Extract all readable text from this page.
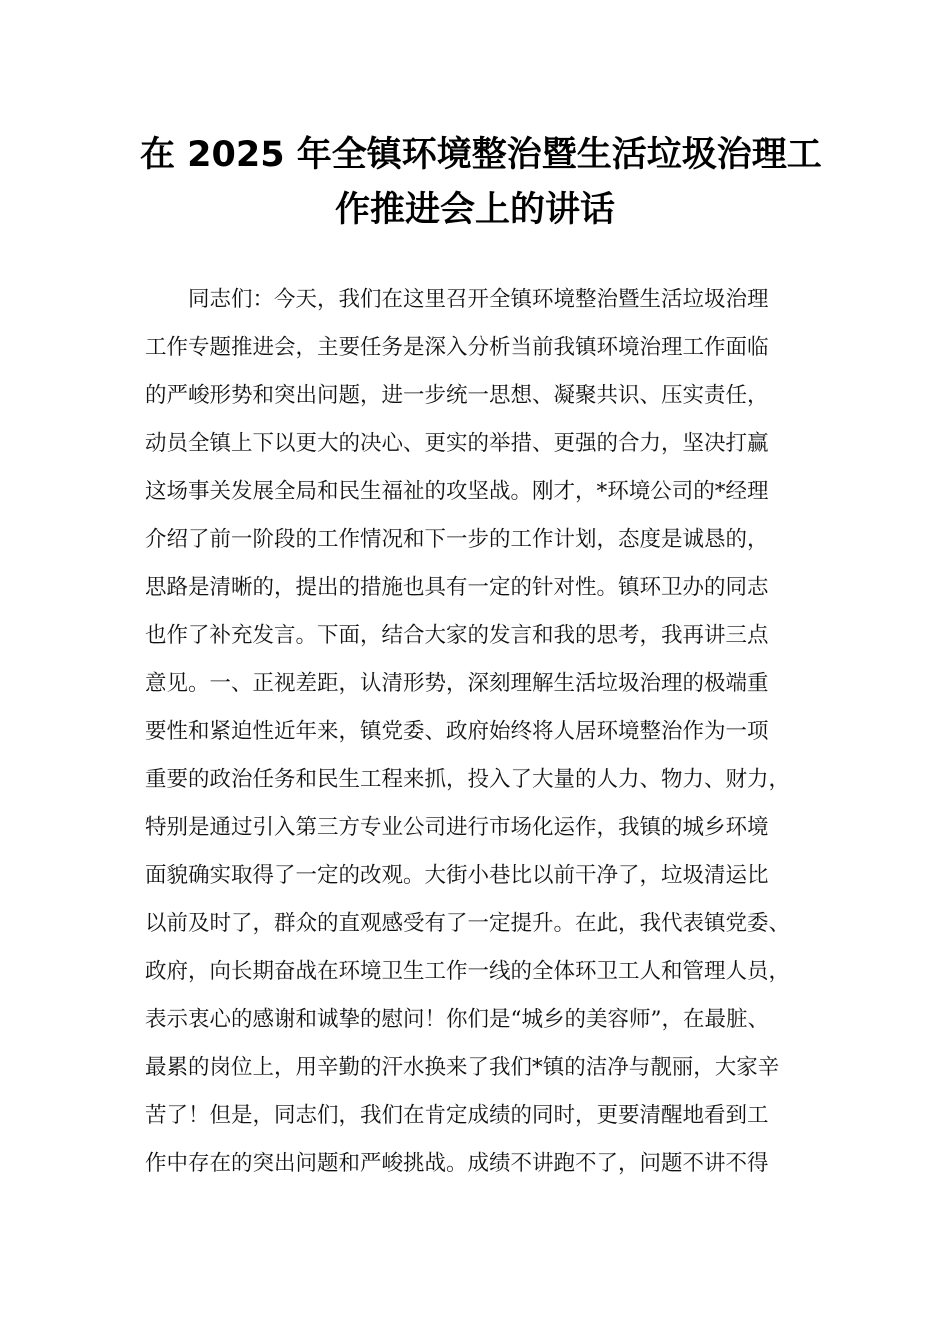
在 2025 年全镇环境整治暨生活垃圾治理工
作推进会上的讲话
同志们：今天，我们在这里召开全镇环境整治暨生活垃圾治理
工作专题推进会，主要任务是深入分析当前我镇环境治理工作面临
的严峻形势和突出问题，进一步统一思想、凝聚共识、压实责任，
动员全镇上下以更大的决心、更实的举措、更强的合力，坚决打赢
这场事关发展全局和民生福祉的攻坚战。刚才，*环境公司的*经理
介绍了前一阶段的工作情况和下一步的工作计划，态度是诚恳的，
思路是清晰的，提出的措施也具有一定的针对性。镇环卫办的同志
也作了补充发言。下面，结合大家的发言和我的思考，我再讲三点
意见。一、正视差距，认清形势，深刻理解生活垃圾治理的极端重
要性和紧迫性近年来，镇党委、政府始终将人居环境整治作为一项
重要的政治任务和民生工程来抓，投入了大量的人力、物力、财力，
特别是通过引入第三方专业公司进行市场化运作，我镇的城乡环境
面貌确实取得了一定的改观。大街小巷比以前干净了，垃圾清运比
以前及时了，群众的直观感受有了一定提升。在此，我代表镇党委、
政府，向长期奋战在环境卫生工作一线的全体环卫工人和管理人员，
表示衷心的感谢和诚挚的慰问！你们是“城乡的美容师”，在最脏、
最累的岗位上，用辛勤的汗水换来了我们*镇的洁净与靓丽，大家辛
苦了！但是，同志们，我们在肯定成绩的同时，更要清醒地看到工
作中存在的突出问题和严峻挑战。成绩不讲跑不了，问题不讲不得
